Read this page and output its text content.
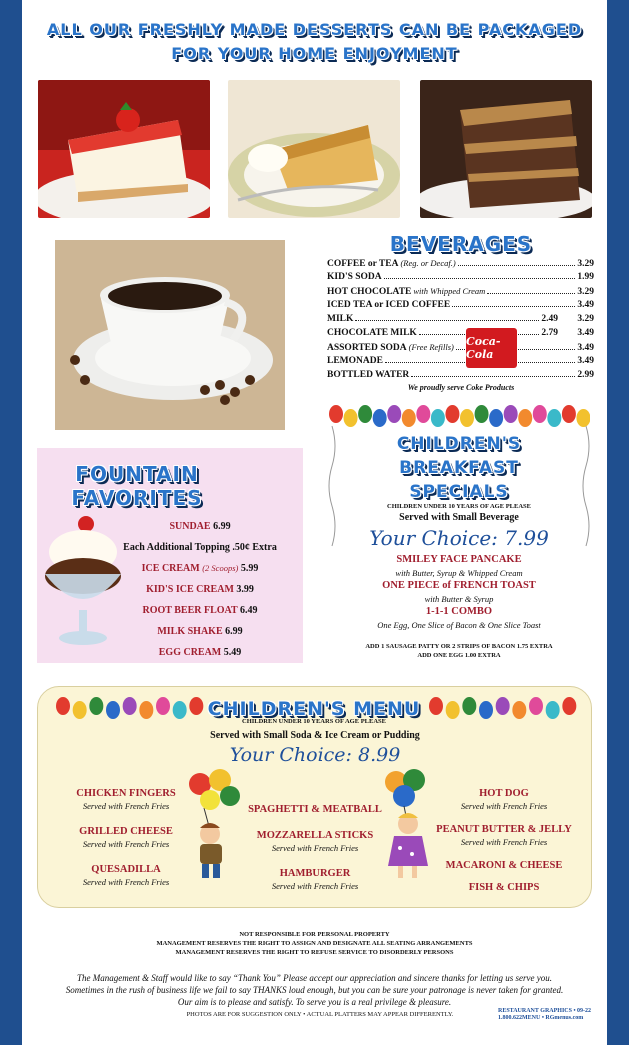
ALL OUR FRESHLY MADE DESSERTS CAN BE PACKAGED
FOR YOUR HOME ENJOYMENT
BEVERAGES
COFFEE or TEA (Reg. or Decaf.)	3.29
KID'S SODA	1.99
HOT CHOCOLATE with Whipped Cream	3.29
ICED TEA or ICED COFFEE	3.49
MILK	2.49	3.29
CHOCOLATE MILK	2.79	3.49
ASSORTED SODA (Free Refills)	3.49
LEMONADE	3.49
BOTTLED WATER	2.99
Coca-Cola
We proudly serve Coke Products
FOUNTAIN
FAVORITES
SUNDAE 6.99
Each Additional Topping .50¢ Extra
ICE CREAM (2 Scoops) 5.99
KID'S ICE CREAM 3.99
ROOT BEER FLOAT 6.49
MILK SHAKE 6.99
EGG CREAM 5.49
CHILDREN'S
BREAKFAST
SPECIALS
CHILDREN UNDER 10 YEARS OF AGE PLEASE
Served with Small Beverage
Your Choice: 7.99
SMILEY FACE PANCAKE
with Butter, Syrup & Whipped Cream
ONE PIECE of FRENCH TOAST
with Butter & Syrup
1-1-1 COMBO
One Egg, One Slice of Bacon & One Slice Toast
ADD 1 SAUSAGE PATTY OR 2 STRIPS OF BACON 1.75 EXTRA
ADD ONE EGG 1.00 EXTRA
CHILDREN'S MENU
CHILDREN UNDER 10 YEARS OF AGE PLEASE
Served with Small Soda & Ice Cream or Pudding
Your Choice: 8.99
CHICKEN FINGERS
Served with French Fries
GRILLED CHEESE
Served with French Fries
QUESADILLA
Served with French Fries
SPAGHETTI & MEATBALL
MOZZARELLA STICKS
Served with French Fries
HAMBURGER
Served with French Fries
HOT DOG
Served with French Fries
PEANUT BUTTER & JELLY
Served with French Fries
MACARONI & CHEESE
FISH & CHIPS
NOT RESPONSIBLE FOR PERSONAL PROPERTY
MANAGEMENT RESERVES THE RIGHT TO ASSIGN AND DESIGNATE ALL SEATING ARRANGEMENTS
MANAGEMENT RESERVES THE RIGHT TO REFUSE SERVICE TO DISORDERLY PERSONS
The Management & Staff would like to say “Thank You” Please accept our appreciation and sincere thanks for letting us serve you.
Sometimes in the rush of business life we fail to say THANKS loud enough, but you can be sure your patronage is never taken for granted.
Our aim is to please and satisfy. To serve you is a real privilege & pleasure.
PHOTOS ARE FOR SUGGESTION ONLY • ACTUAL PLATTERS MAY APPEAR DIFFERENTLY.	RESTAURANT GRAPHICS • 09-22
1.800.622MENU • RGmenus.com
